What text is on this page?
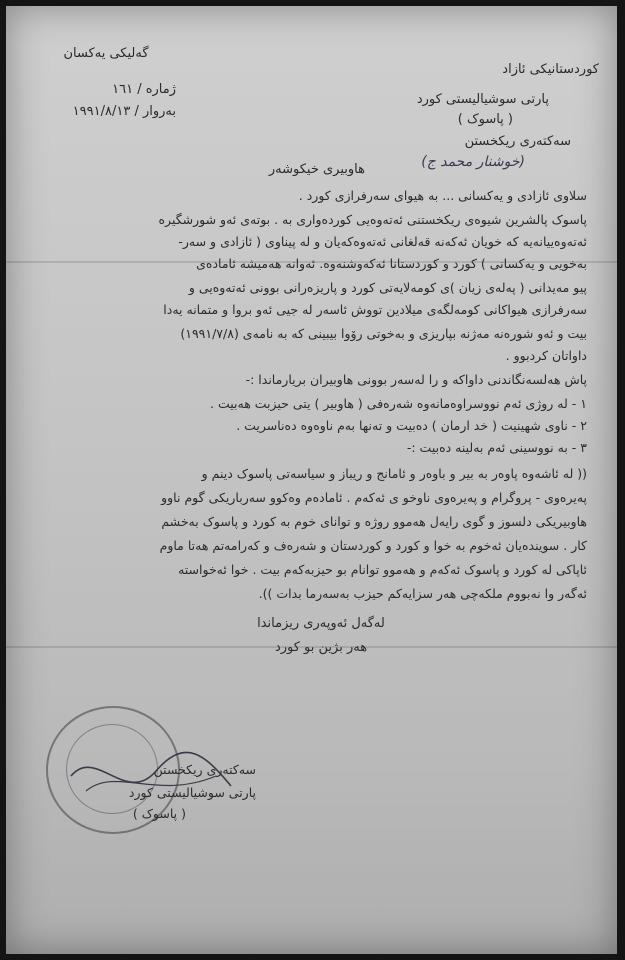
گەلیکی یەکسان
ژمارە / ١٦١
بەروار / ١٩٩١/٨/١٣
کوردستانیکی ئازاد
پارتی سوشیالیستی کورد
( پاسوک )
سەکتەری ریکخستن
هاوبیری خیکوشەر	(خوشنار محمد ج)
سلاوی ئازادی و یەکسانی ... بە هیوای سەرفرازی کورد .
پاسوک پالشرین شیوەی ریکخستنی ئەتەوەیی کوردەواری بە . بوتەی ئەو شورشگیرە
ئەتەوەییانەیە کە خویان ئەکەنە قەلغانی ئەتەوەکەیان و لە پیناوی ( ئازادی و سەر-
بەخویی و یەکسانی ) کورد و کوردستانا ئەکەوشنەوە. ئەوانە هەمیشە ئامادەی
پیو مەیدانی ( پەلەی زیان )ی کومەلایەتی کورد و پاریزەرانی بوونی ئەتەوەیی و
سەرفرازی هیواکانی کومەلگەی میلادین تووش ئاسەر لە جیی ئەو بروا و متمانە یەدا
بیت و ئەو شورەنە مەژنە بپاریزی و بەخوتی رۆوا بیبینی کە بە نامەی (١٩٩١/٧/٨)
داواتان کردبوو .
پاش هەلسەنگاندنی داواکە و را لەسەر بوونی هاوبیران بریارماندا :-
١ - لە روژی ئەم نووسراوەمانەوە شەرەفی ( هاوبیر ) یتی حیزبت هەبیت .
٢ - ناوی شهینیت ( خد ارمان ) دەبیت و تەنها بەم ناوەوە دەناسریت .
٣ - بە نووسینی ئەم بەلینە دەبیت :-
(( لە ئاشەوە پاوەر بە بیر و باوەر و ئامانج و ریباز و سیاسەتی پاسوک دینم و
پەیرەوی - پروگرام و پەیرەوی ناوخو ی ئەکەم . ئامادەم وەکوو سەرباریکی گوم ناوو
هاوبیریکی دلسوز و گوی رایەل هەموو روژە و توانای خوم بە کورد و پاسوک بەخشم
کار . سویندەیان ئەخوم بە خوا و کورد و کوردستان و شەرەف و کەرامەتم هەتا ماوم
ئاپاکی لە کورد و پاسوک ئەکەم و هەموو توانام بو حیزبەکەم بیت . خوا ئەخواستە
ئەگەر وا نەبووم ملکەچی هەر سزایەکم حیزب بەسەرما بدات )).
لەگەل ئەوپەری ریزماندا
هەر بژین بو کورد
سەکتەری ریکخستن
پارتی سوشیالیستی کورد
( پاسوک )
